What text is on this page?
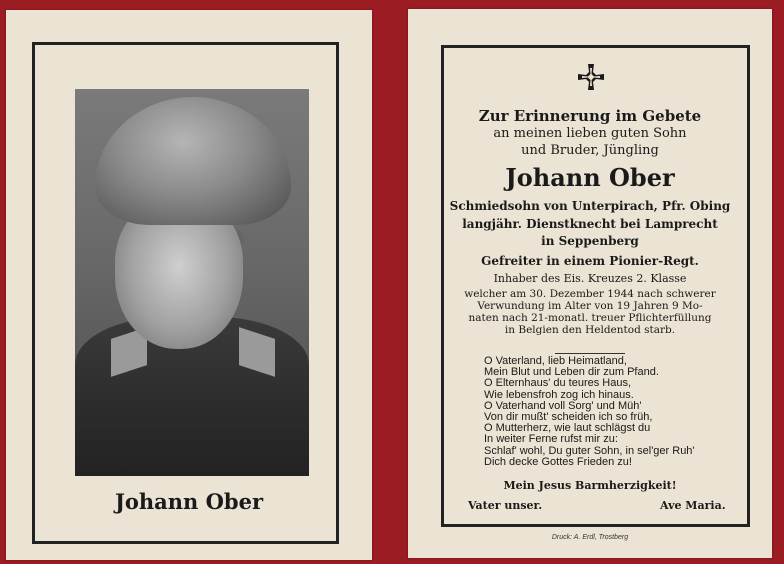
Johann Ober
Zur Erinnerung im Gebete
an meinen lieben guten Sohn
und Bruder, Jüngling
Johann Ober
Schmiedsohn von Unterpirach, Pfr. Obing
langjähr. Dienstknecht bei Lamprecht
in Seppenberg
Gefreiter in einem Pionier-Regt.
Inhaber des Eis. Kreuzes 2. Klasse
welcher am 30. Dezember 1944 nach schwerer
Verwundung im Alter von 19 Jahren 9 Mo-
naten nach 21-monatl. treuer Pflichterfüllung
in Belgien den Heldentod starb.
O Vaterland, lieb Heimatland,
Mein Blut und Leben dir zum Pfand.
O Elternhaus' du teures Haus,
Wie lebensfroh zog ich hinaus.
O Vaterhand voll Sorg' und Müh'
Von dir mußt' scheiden ich so früh,
O Mutterherz, wie laut schlägst du
In weiter Ferne rufst mir zu:
Schlaf' wohl, Du guter Sohn, in sel'ger Ruh'
Dich decke Gottes Frieden zu!
Mein Jesus Barmherzigkeit!
Vater unser.	Ave Maria.
Druck: A. Erdl, Trostberg
